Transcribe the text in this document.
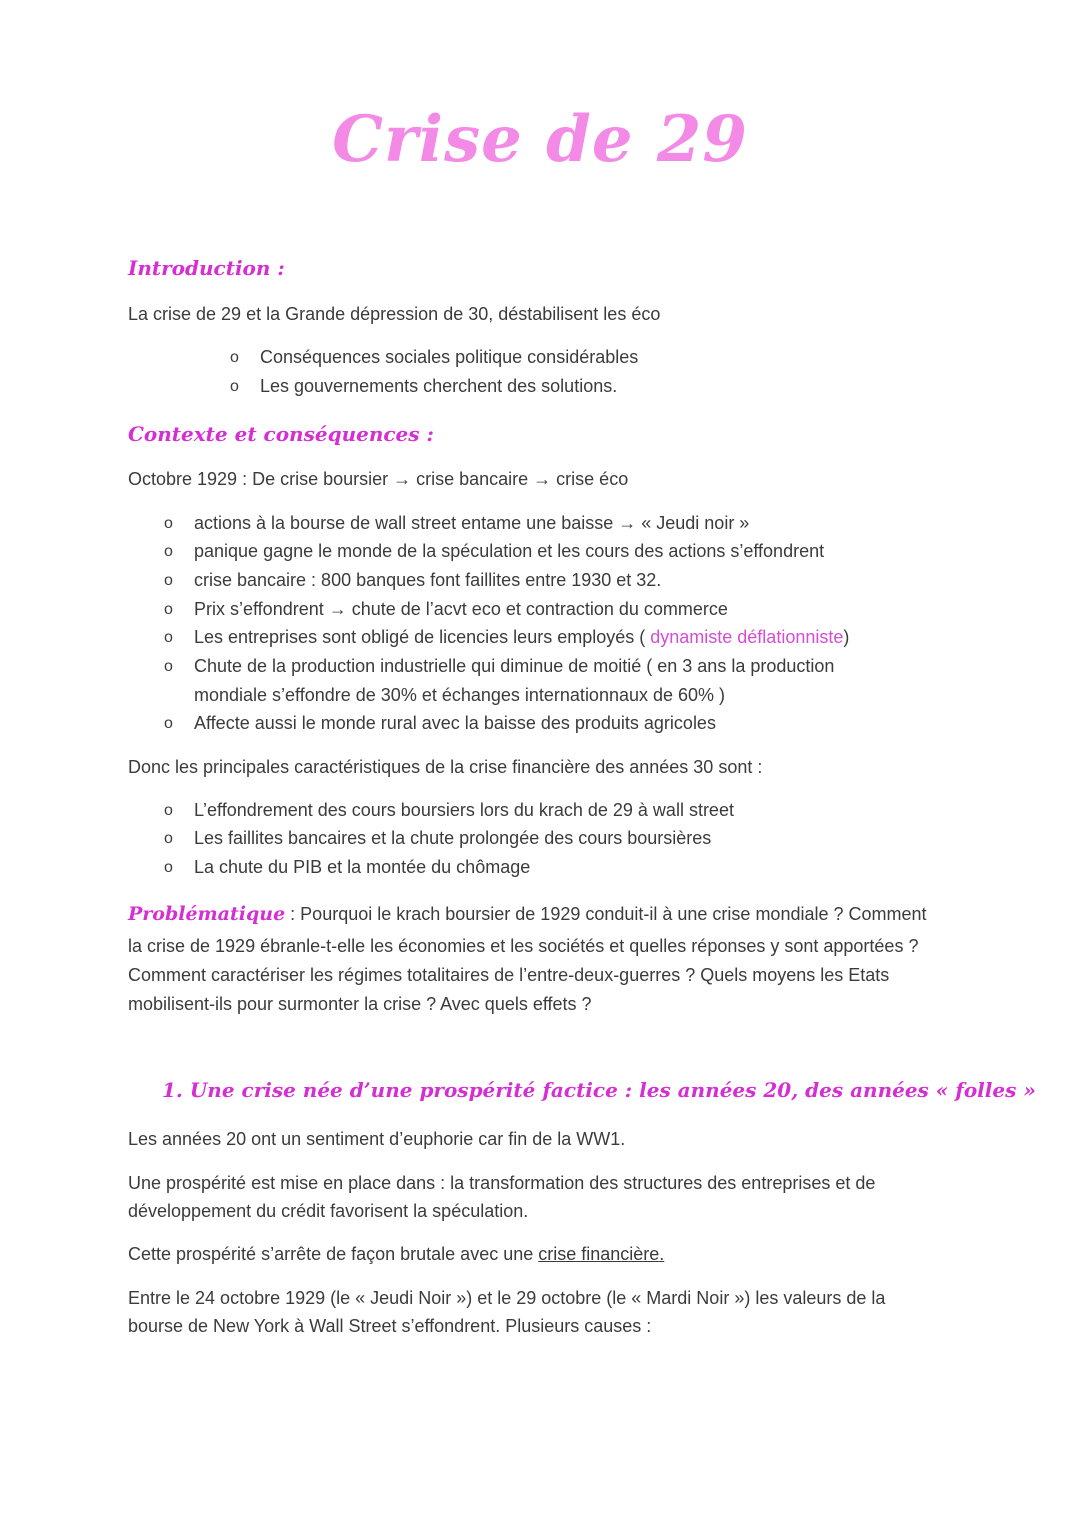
Crise de 29
Introduction :
La crise de 29 et la Grande dépression de 30, déstabilisent les éco
o Conséquences sociales politique considérables
o Les gouvernements cherchent des solutions.
Contexte et conséquences :
Octobre 1929 : De crise boursier → crise bancaire → crise éco
o actions à la bourse de wall street entame une baisse → « Jeudi noir »
o panique gagne le monde de la spéculation et les cours des actions s’effondrent
o crise bancaire : 800 banques font faillites entre 1930 et 32.
o Prix s’effondrent → chute de l’acvt eco et contraction du commerce
o Les entreprises sont obligé de licencies leurs employés ( dynamiste déflationniste)
o Chute de la production industrielle qui diminue de moitié ( en 3 ans la production
mondiale s’effondre de 30% et échanges internationnaux de 60% )
o Affecte aussi le monde rural avec la baisse des produits agricoles
Donc les principales caractéristiques de la crise financière des années 30 sont :
o L’effondrement des cours boursiers lors du krach de 29 à wall street
o Les faillites bancaires et la chute prolongée des cours boursières
o La chute du PIB et la montée du chômage
Problématique : Pourquoi le krach boursier de 1929 conduit-il à une crise mondiale ? Comment
la crise de 1929 ébranle-t-elle les économies et les sociétés et quelles réponses y sont apportées ?
Comment caractériser les régimes totalitaires de l’entre-deux-guerres ? Quels moyens les Etats
mobilisent-ils pour surmonter la crise ? Avec quels effets ?
1. Une crise née d’une prospérité factice : les années 20, des années « folles »
Les années 20 ont un sentiment d’euphorie car fin de la WW1.
Une prospérité est mise en place dans : la transformation des structures des entreprises et de
développement du crédit favorisent la spéculation.
Cette prospérité s’arrête de façon brutale avec une crise financière.
Entre le 24 octobre 1929 (le « Jeudi Noir ») et le 29 octobre (le « Mardi Noir ») les valeurs de la
bourse de New York à Wall Street s’effondrent. Plusieurs causes :
